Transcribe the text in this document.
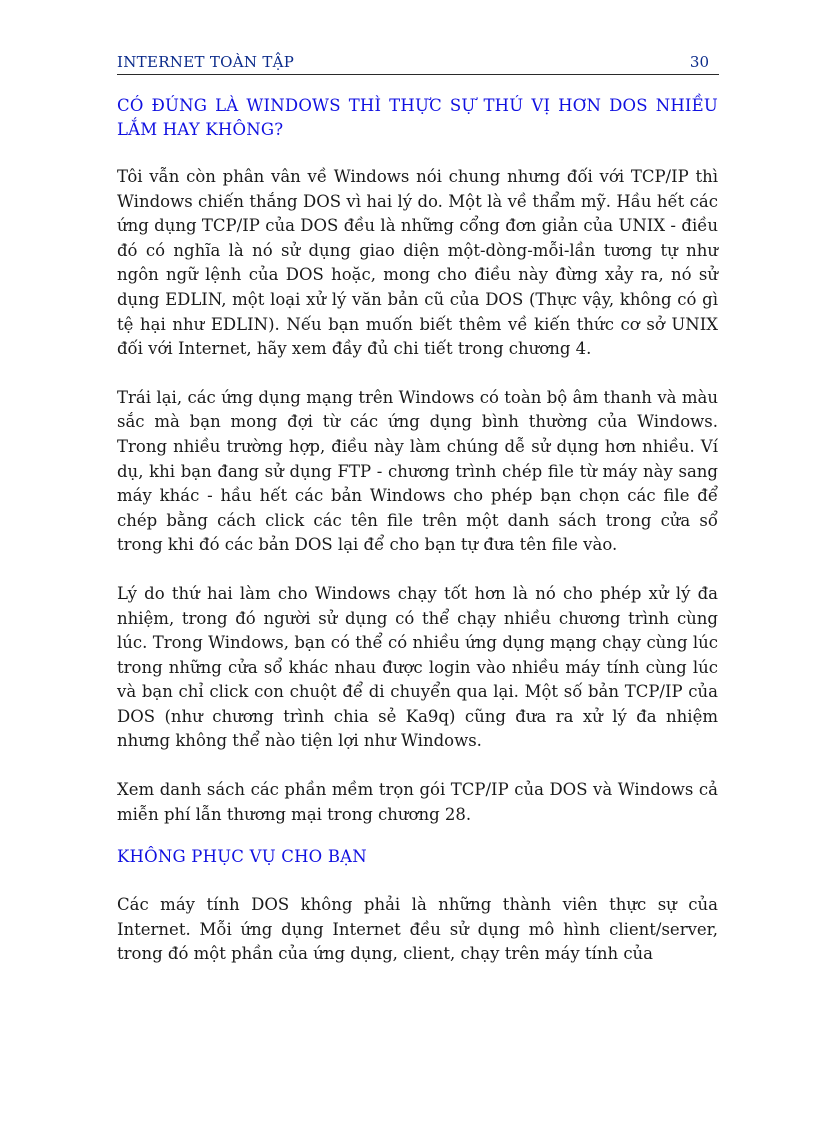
INTERNET TOÀN TẬP	30
CÓ ĐÚNG LÀ WINDOWS THÌ THỰC SỰ THÚ VỊ HƠN DOS NHIỀU LẮM HAY KHÔNG?

Tôi vẫn còn phân vân về Windows nói chung nhưng đối với TCP/IP thì Windows chiến thắng DOS vì hai lý do. Một là về thẩm mỹ. Hầu hết các ứng dụng TCP/IP của DOS đều là những cổng đơn giản của UNIX - điều đó có nghĩa là nó sử dụng giao diện một-dòng-mỗi-lần tương tự như ngôn ngữ lệnh của DOS hoặc, mong cho điều này đừng xảy ra, nó sử dụng EDLIN, một loại xử lý văn bản cũ của DOS (Thực vậy, không có gì tệ hại như EDLIN). Nếu bạn muốn biết thêm về kiến thức cơ sở UNIX đối với Internet, hãy xem đầy đủ chi tiết trong chương 4.

Trái lại, các ứng dụng mạng trên Windows có toàn bộ âm thanh và màu sắc mà bạn mong đợi từ các ứng dụng bình thường của Windows. Trong nhiều trường hợp, điều này làm chúng dễ sử dụng hơn nhiều. Ví dụ, khi bạn đang sử dụng FTP - chương trình chép file từ máy này sang máy khác - hầu hết các bản Windows cho phép bạn chọn các file để chép bằng cách click các tên file trên một danh sách trong cửa sổ trong khi đó các bản DOS lại để cho bạn tự đưa tên file vào.

Lý do thứ hai làm cho Windows chạy tốt hơn là nó cho phép xử lý đa nhiệm, trong đó người sử dụng có thể chạy nhiều chương trình cùng lúc. Trong Windows, bạn có thể có nhiều ứng dụng mạng chạy cùng lúc trong những cửa sổ khác nhau được login vào nhiều máy tính cùng lúc và bạn chỉ click con chuột để di chuyển qua lại. Một số bản TCP/IP của DOS (như chương trình chia sẻ Ka9q) cũng đưa ra xử lý đa nhiệm nhưng không thể nào tiện lợi như Windows.

Xem danh sách các phần mềm trọn gói TCP/IP của DOS và Windows cả miễn phí lẫn thương mại trong chương 28.

KHÔNG PHỤC VỤ CHO BẠN

Các máy tính DOS không phải là những thành viên thực sự của Internet. Mỗi ứng dụng Internet đều sử dụng mô hình client/server, trong đó một phần của ứng dụng, client, chạy trên máy tính của
